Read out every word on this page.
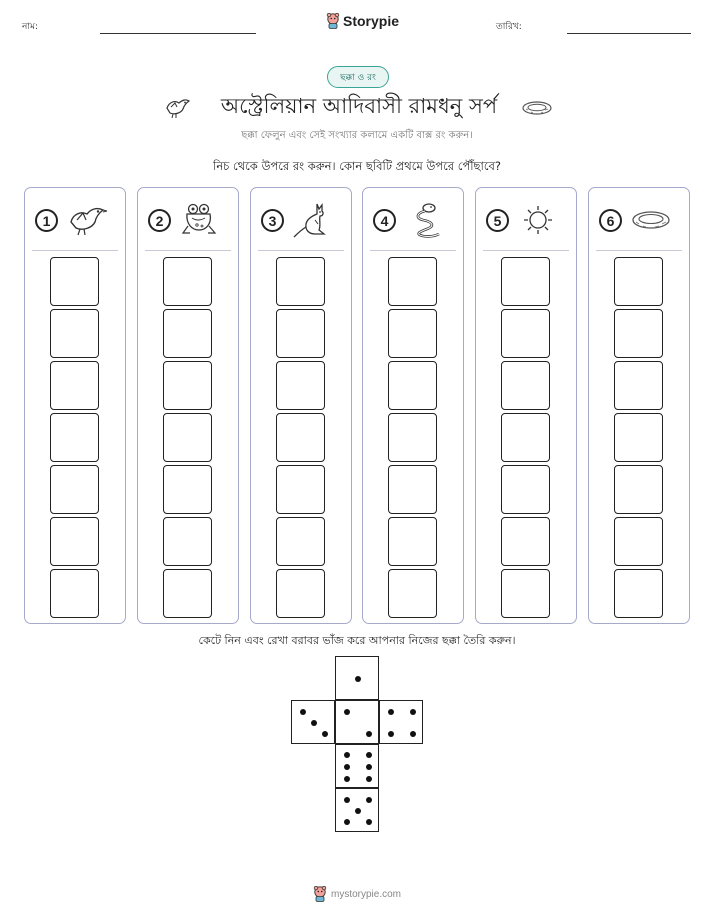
নাম:	Storypie	তারিখ:
ছক্কা ও রং
অস্ট্রেলিয়ান আদিবাসী রামধনু সর্প
ছক্কা ফেলুন এবং সেই সংখ্যার কলামে একটি বাক্স রং করুন।
নিচ থেকে উপরে রং করুন। কোন ছবিটি প্রথমে উপরে পৌঁছাবে?
1	2	3	4	5	6
কেটে নিন এবং রেখা বরাবর ভাঁজ করে আপনার নিজের ছক্কা তৈরি করুন।
mystorypie.com
